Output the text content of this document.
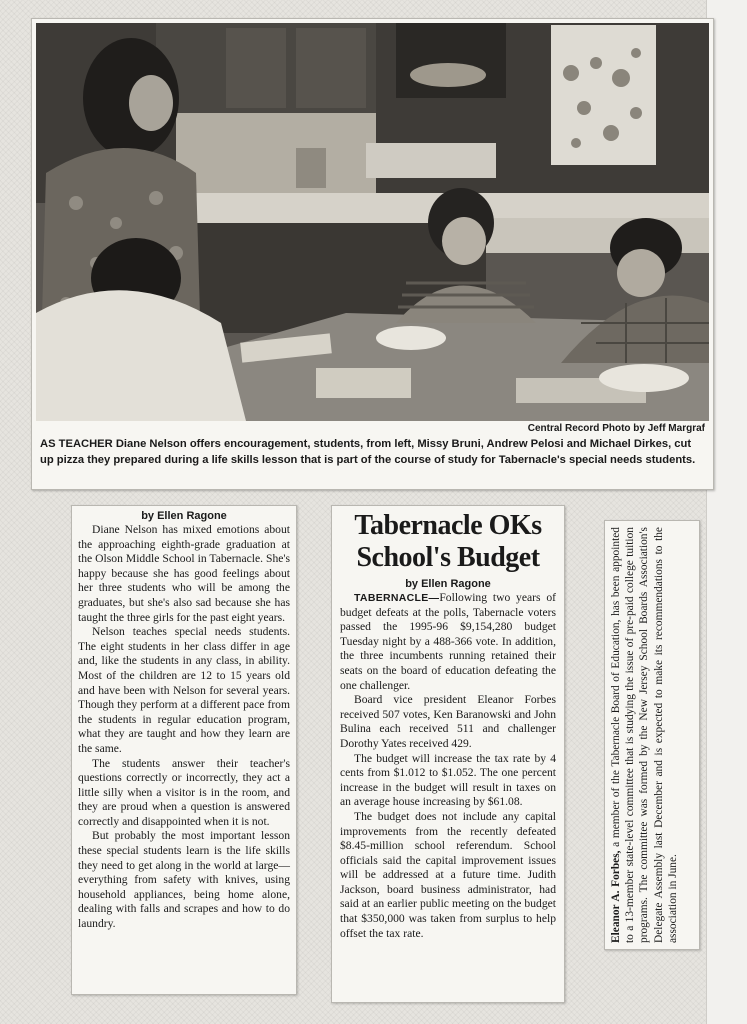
Central Record Photo by Jeff Margraf
AS TEACHER Diane Nelson offers encouragement, students, from left, Missy Bruni, Andrew Pelosi and Michael Dirkes, cut up pizza they prepared during a life skills lesson that is part of the course of study for Tabernacle's special needs students.
by Ellen Ragone

Diane Nelson has mixed emotions about the approaching eighth-grade graduation at the Olson Middle School in Tabernacle. She's happy because she has good feelings about her three students who will be among the graduates, but she's also sad because she has taught the three girls for the past eight years.

Nelson teaches special needs students. The eight students in her class differ in age and, like the students in any class, in ability. Most of the children are 12 to 15 years old and have been with Nelson for several years. Though they perform at a different pace from the students in regular education program, what they are taught and how they learn are the same.

The students answer their teacher's questions correctly or incorrectly, they act a little silly when a visitor is in the room, and they are proud when a question is answered correctly and disappointed when it is not.

But probably the most important lesson these special students learn is the life skills they need to get along in the world at large—everything from safety with knives, using household appliances, being home alone, dealing with falls and scrapes and how to do laundry.

Tabernacle OKs School's Budget
by Ellen Ragone

TABERNACLE—Following two years of budget defeats at the polls, Tabernacle voters passed the 1995-96 $9,154,280 budget Tuesday night by a 488-366 vote. In addition, the three incumbents running retained their seats on the board of education defeating the one challenger.

Board vice president Eleanor Forbes received 507 votes, Ken Baranowski and John Bulina each received 511 and challenger Dorothy Yates received 429.

The budget will increase the tax rate by 4 cents from $1.012 to $1.052. The one percent increase in the budget will result in taxes on an average house increasing by $61.08.

The budget does not include any capital improvements from the recently defeated $8.45-million school referendum. School officials said the capital improvement issues will be addressed at a future time. Judith Jackson, board business administrator, had said at an earlier public meeting on the budget that $350,000 was taken from surplus to help offset the tax rate.	Eleanor A. Forbes, a member of the Tabernacle Board of Education, has been appointed to a 13-member state-level committee that is studying the issue of pre-paid college tuition programs. The committee was formed by the New Jersey School Boards Association's Delegate Assembly last December and is expected to make its recommendations to the association in June.
